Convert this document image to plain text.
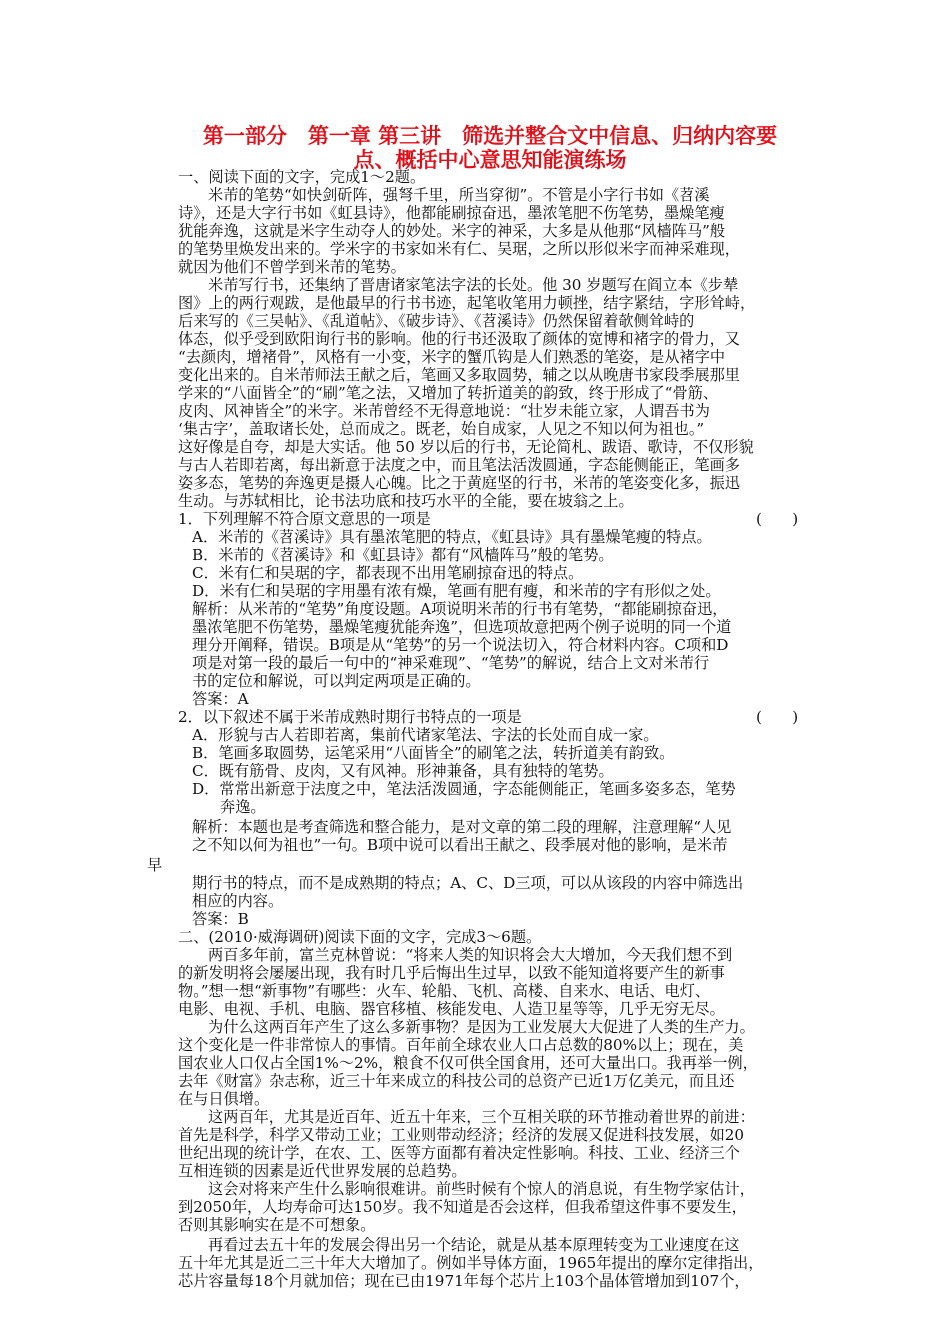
第一部分　第一章 第三讲　筛选并整合文中信息、归纳内容要
点、概括中心意思知能演练场
一、阅读下面的文字，完成1～2题。
米芾的笔势“如快剑斫阵，强弩千里，所当穿彻”。不管是小字行书如《苕溪
诗》，还是大字行书如《虹县诗》，他都能刷掠奋迅，墨浓笔肥不伤笔势，墨燥笔瘦
犹能奔逸，这就是米字生动夺人的妙处。米字的神采，大多是从他那“风樯阵马”般
的笔势里焕发出来的。学米字的书家如米有仁、吴琚，之所以形似米字而神采难现，
就因为他们不曾学到米芾的笔势。
米芾写行书，还集纳了晋唐诸家笔法字法的长处。他 30 岁题写在阎立本《步辇
图》上的两行观跋，是他最早的行书书迹，起笔收笔用力顿挫，结字紧结，字形耸峙，
后来写的《三吴帖》、《乱道帖》、《破步诗》、《苕溪诗》仍然保留着欹侧耸峙的
体态，似乎受到欧阳询行书的影响。他的行书还汲取了颜体的宽博和褚字的骨力，又
“去颜肉，增褚骨”，风格有一小变，米字的蟹爪钩是人们熟悉的笔姿，是从褚字中
变化出来的。自米芾师法王献之后，笔画又多取圆势，辅之以从晚唐书家段季展那里
学来的“八面皆全”的“刷”笔之法，又增加了转折道美的韵致，终于形成了“骨筋、
皮肉、风神皆全”的米字。米芾曾经不无得意地说：“壮岁未能立家，人谓吾书为
‘集古字’，盖取诸长处，总而成之。既老，始自成家，人见之不知以何为祖也。”
这好像是自夸，却是大实话。他 50 岁以后的行书，无论简札、跋语、歌诗，不仅形貌
与古人若即若离，每出新意于法度之中，而且笔法活泼圆通，字态能侧能正，笔画多
姿多态，笔势的奔逸更是摄人心魄。比之于黄庭坚的行书，米芾的笔姿变化多，振迅
生动。与苏轼相比，论书法功底和技巧水平的全能，要在坡翁之上。
1．下列理解不符合原文意思的一项是	(　　)
A．米芾的《苕溪诗》具有墨浓笔肥的特点，《虹县诗》具有墨燥笔瘦的特点。
B．米芾的《苕溪诗》和《虹县诗》都有“风樯阵马”般的笔势。
C．米有仁和吴琚的字，都表现不出用笔刷掠奋迅的特点。
D．米有仁和吴琚的字用墨有浓有燥，笔画有肥有瘦，和米芾的字有形似之处。
解析：从米芾的“笔势”角度设题。A项说明米芾的行书有笔势，“都能刷掠奋迅，
墨浓笔肥不伤笔势，墨燥笔瘦犹能奔逸”，但选项故意把两个例子说明的同一个道
理分开阐释，错误。B项是从“笔势”的另一个说法切入，符合材料内容。C项和D
项是对第一段的最后一句中的“神采难现”、“笔势”的解说，结合上文对米芾行
书的定位和解说，可以判定两项是正确的。
答案：A
2．以下叙述不属于米芾成熟时期行书特点的一项是	(　　)
A．形貌与古人若即若离，集前代诸家笔法、字法的长处而自成一家。
B．笔画多取圆势，运笔采用“八面皆全”的刷笔之法，转折道美有韵致。
C．既有筋骨、皮肉，又有风神。形神兼备，具有独特的笔势。
D．常常出新意于法度之中，笔法活泼圆通，字态能侧能正，笔画多姿多态，笔势
奔逸。
解析：本题也是考查筛选和整合能力，是对文章的第二段的理解，注意理解“人见
之不知以何为祖也”一句。B项中说可以看出王献之、段季展对他的影响，是米芾
早
期行书的特点，而不是成熟期的特点；A、C、D三项，可以从该段的内容中筛选出
相应的内容。
答案：B
二、(2010·威海调研)阅读下面的文字，完成3～6题。
两百多年前，富兰克林曾说：“将来人类的知识将会大大增加，今天我们想不到
的新发明将会屡屡出现，我有时几乎后悔出生过早，以致不能知道将要产生的新事
物。”想一想“新事物”有哪些：火车、轮船、飞机、高楼、自来水、电话、电灯、
电影、电视、手机、电脑、器官移植、核能发电、人造卫星等等，几乎无穷无尽。
为什么这两百年产生了这么多新事物？是因为工业发展大大促进了人类的生产力。
这个变化是一件非常惊人的事情。百年前全球农业人口占总数的80%以上；现在，美
国农业人口仅占全国1%～2%，粮食不仅可供全国食用，还可大量出口。我再举一例，
去年《财富》杂志称，近三十年来成立的科技公司的总资产已近1万亿美元，而且还
在与日俱增。
这两百年，尤其是近百年、近五十年来，三个互相关联的环节推动着世界的前进：
首先是科学，科学又带动工业；工业则带动经济；经济的发展又促进科技发展，如20
世纪出现的统计学，在农、工、医等方面都有着决定性影响。科技、工业、经济三个
互相连锁的因素是近代世界发展的总趋势。
这会对将来产生什么影响很难讲。前些时候有个惊人的消息说，有生物学家估计，
到2050年，人均寿命可达150岁。我不知道是否会这样，但我希望这件事不要发生，
否则其影响实在是不可想象。
再看过去五十年的发展会得出另一个结论，就是从基本原理转变为工业速度在这
五十年尤其是近二三十年大大增加了。例如半导体方面，1965年提出的摩尔定律指出，
芯片容量每18个月就加倍；现在已由1971年每个芯片上103个晶体管增加到107个，
